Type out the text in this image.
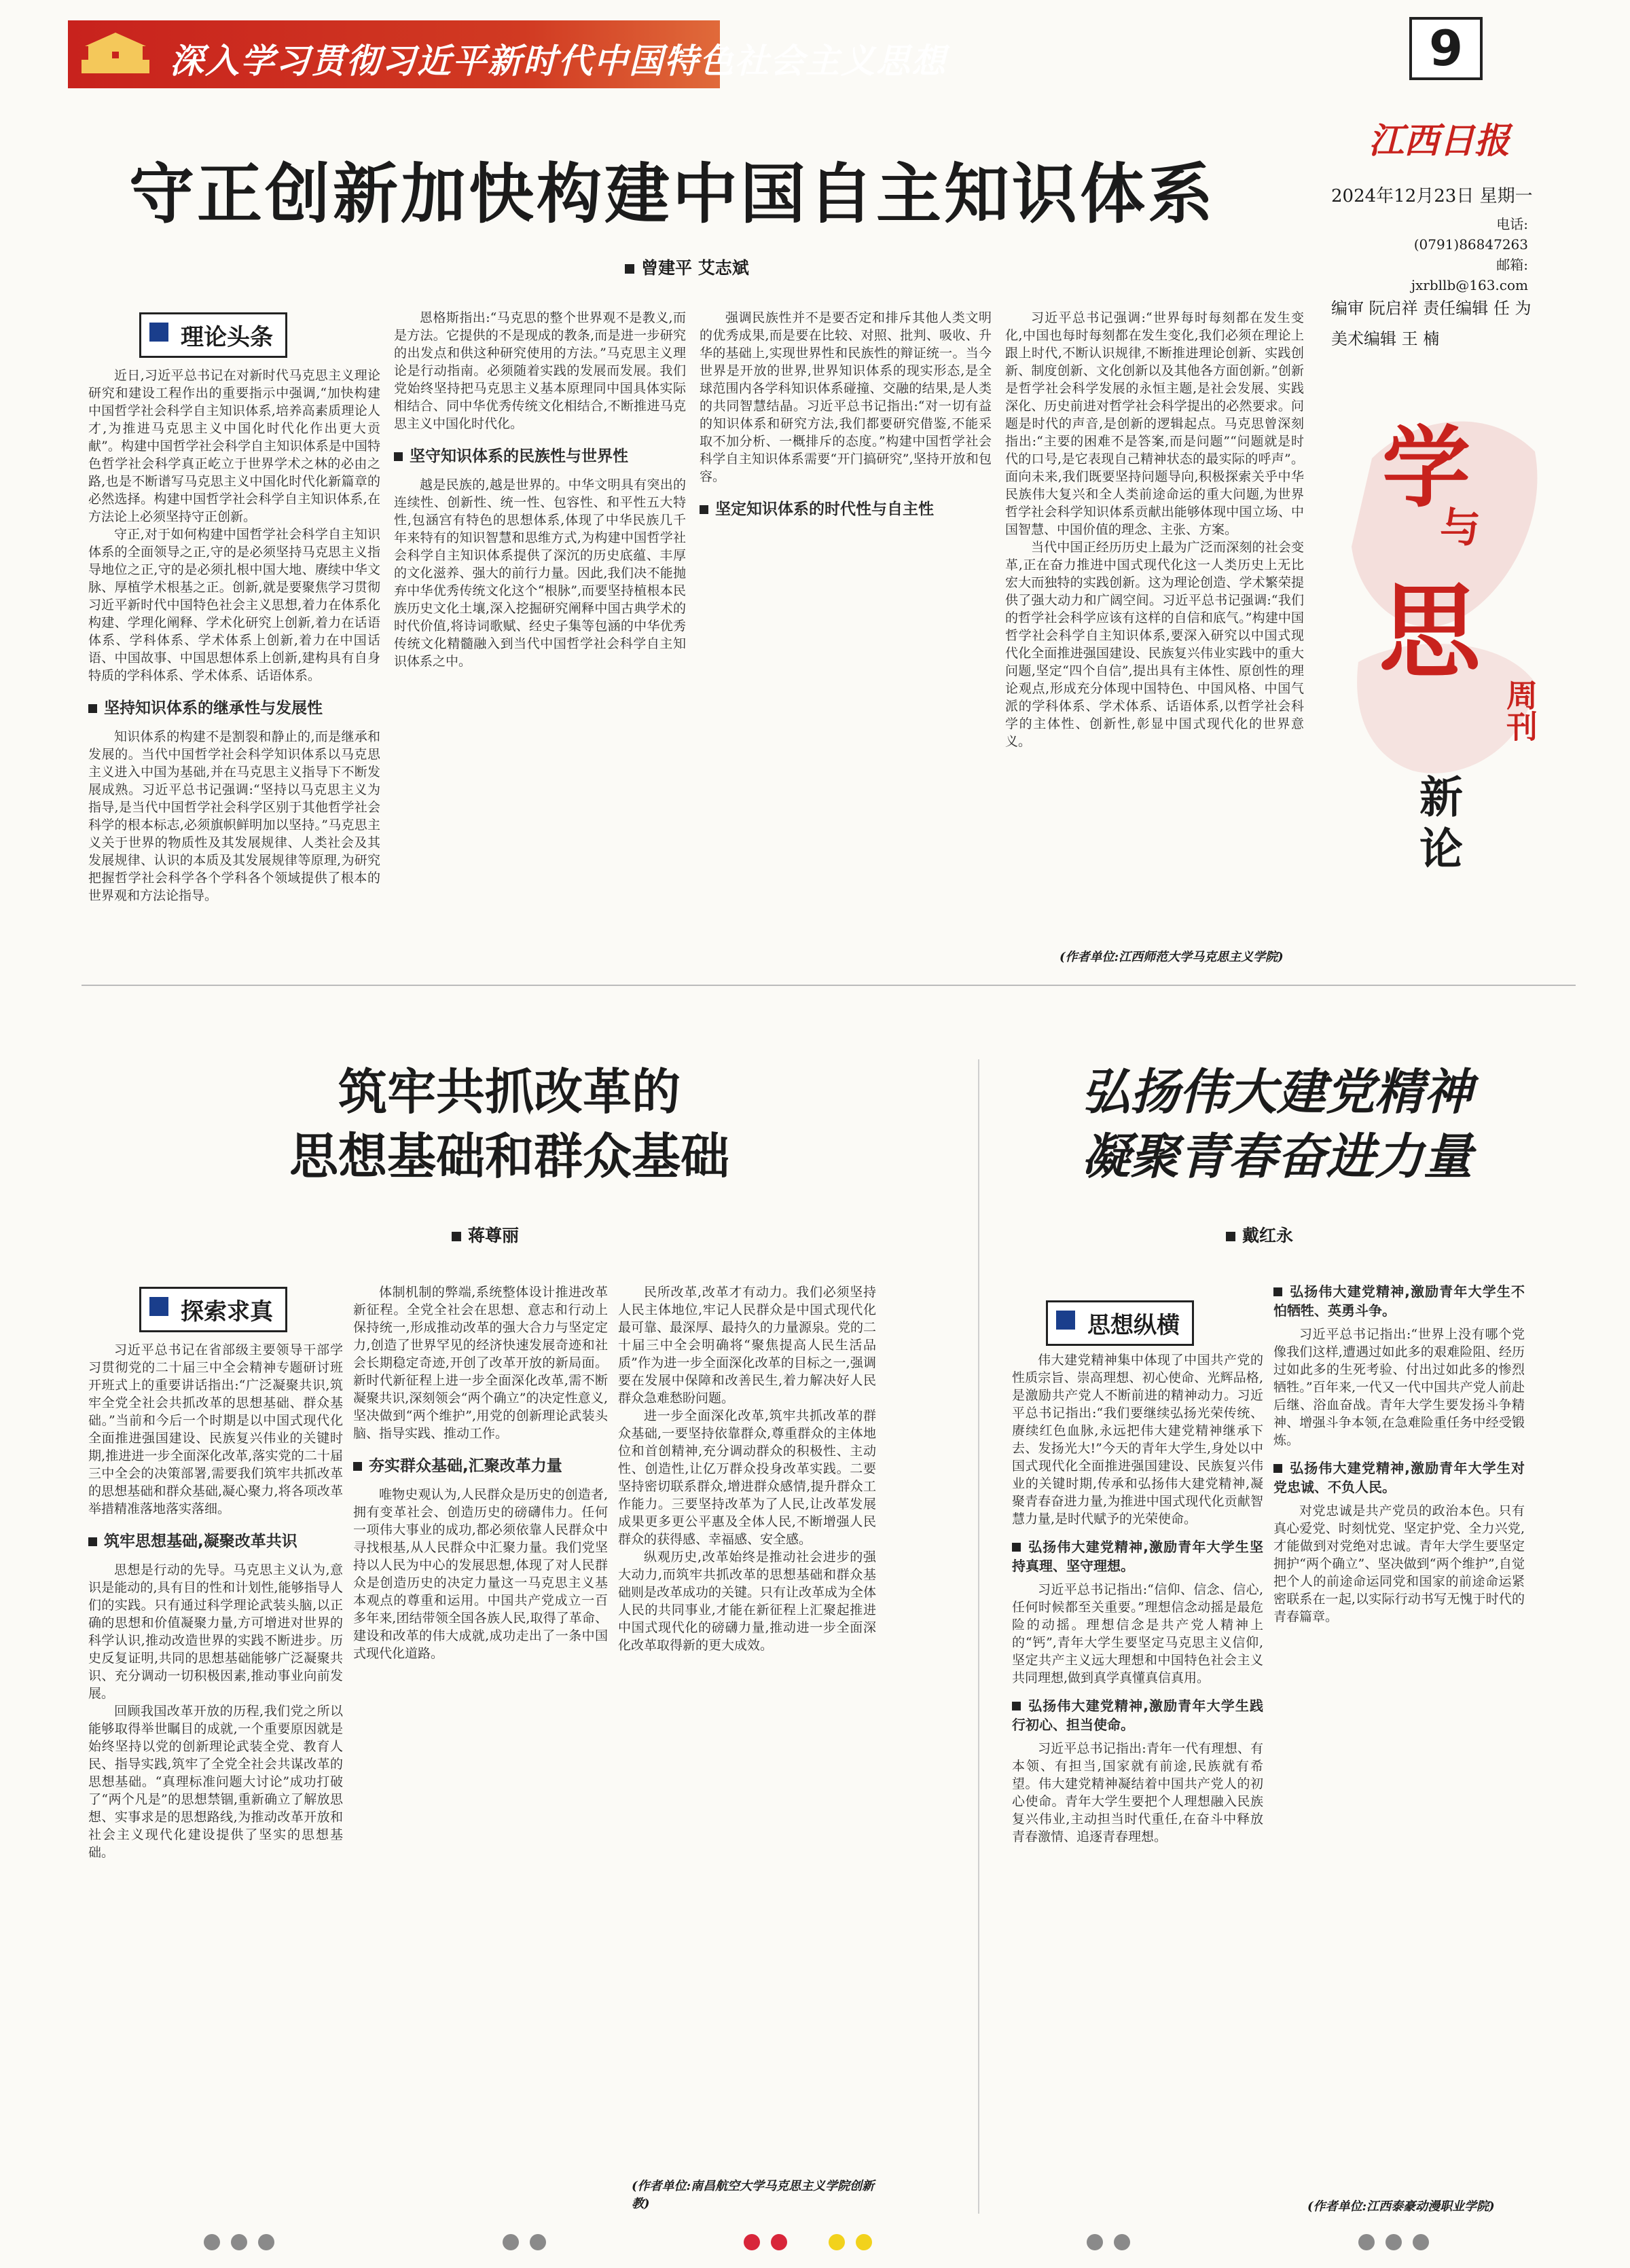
深入学习贯彻习近平新时代中国特色社会主义思想	9
江西日报
2024年12月23日 星期一
电话:
(0791)86847263
邮箱:
jxrbllb@163.com
编审 阮启祥 责任编辑 任 为
美术编辑 王 楠
学
与
思
周刊
新论
守正创新加快构建中国自主知识体系
曾建平 艾志斌
理论头条

近日,习近平总书记在对新时代马克思主义理论研究和建设工程作出的重要指示中强调,“加快构建中国哲学社会科学自主知识体系,培养高素质理论人才,为推进马克思主义中国化时代化作出更大贡献”。构建中国哲学社会科学自主知识体系是中国特色哲学社会科学真正屹立于世界学术之林的必由之路,也是不断谱写马克思主义中国化时代化新篇章的必然选择。构建中国哲学社会科学自主知识体系,在方法论上必须坚持守正创新。

守正,对于如何构建中国哲学社会科学自主知识体系的全面领导之正,守的是必须坚持马克思主义指导地位之正,守的是必须扎根中国大地、赓续中华文脉、厚植学术根基之正。创新,就是要聚焦学习贯彻习近平新时代中国特色社会主义思想,着力在体系化构建、学理化阐释、学术化研究上创新,着力在话语体系、学科体系、学术体系上创新,着力在中国话语、中国故事、中国思想体系上创新,建构具有自身特质的学科体系、学术体系、话语体系。

坚持知识体系的继承性与发展性

知识体系的构建不是割裂和静止的,而是继承和发展的。当代中国哲学社会科学知识体系以马克思主义进入中国为基础,并在马克思主义指导下不断发展成熟。习近平总书记强调:“坚持以马克思主义为指导,是当代中国哲学社会科学区别于其他哲学社会科学的根本标志,必须旗帜鲜明加以坚持。”马克思主义关于世界的物质性及其发展规律、人类社会及其发展规律、认识的本质及其发展规律等原理,为研究把握哲学社会科学各个学科各个领域提供了根本的世界观和方法论指导。

恩格斯指出:“马克思的整个世界观不是教义,而是方法。它提供的不是现成的教条,而是进一步研究的出发点和供这种研究使用的方法。”马克思主义理论是行动指南。必须随着实践的发展而发展。我们党始终坚持把马克思主义基本原理同中国具体实际相结合、同中华优秀传统文化相结合,不断推进马克思主义中国化时代化。

坚守知识体系的民族性与世界性

越是民族的,越是世界的。中华文明具有突出的连续性、创新性、统一性、包容性、和平性五大特性,包涵宫有特色的思想体系,体现了中华民族几千年来特有的知识智慧和思维方式,为构建中国哲学社会科学自主知识体系提供了深沉的历史底蕴、丰厚的文化滋养、强大的前行力量。因此,我们决不能抛弃中华优秀传统文化这个“根脉”,而要坚持植根本民族历史文化土壤,深入挖掘研究阐释中国古典学术的时代价值,将诗词歌赋、经史子集等包涵的中华优秀传统文化精髓融入到当代中国哲学社会科学自主知识体系之中。

强调民族性并不是要否定和排斥其他人类文明的优秀成果,而是要在比较、对照、批判、吸收、升华的基础上,实现世界性和民族性的辩证统一。当今世界是开放的世界,世界知识体系的现实形态,是全球范围内各学科知识体系碰撞、交融的结果,是人类的共同智慧结晶。习近平总书记指出:“对一切有益的知识体系和研究方法,我们都要研究借鉴,不能采取不加分析、一概排斥的态度。”构建中国哲学社会科学自主知识体系需要“开门搞研究”,坚持开放和包容。

坚定知识体系的时代性与自主性

习近平总书记强调:“世界每时每刻都在发生变化,中国也每时每刻都在发生变化,我们必须在理论上跟上时代,不断认识规律,不断推进理论创新、实践创新、制度创新、文化创新以及其他各方面创新。”创新是哲学社会科学发展的永恒主题,是社会发展、实践深化、历史前进对哲学社会科学提出的必然要求。问题是时代的声音,是创新的逻辑起点。马克思曾深刻指出:“主要的困难不是答案,而是问题”“问题就是时代的口号,是它表现自己精神状态的最实际的呼声”。面向未来,我们既要坚持问题导向,积极探索关乎中华民族伟大复兴和全人类前途命运的重大问题,为世界哲学社会科学知识体系贡献出能够体现中国立场、中国智慧、中国价值的理念、主张、方案。

当代中国正经历历史上最为广泛而深刻的社会变革,正在奋力推进中国式现代化这一人类历史上无比宏大而独特的实践创新。这为理论创造、学术繁荣提供了强大动力和广阔空间。习近平总书记强调:“我们的哲学社会科学应该有这样的自信和底气。”构建中国哲学社会科学自主知识体系,要深入研究以中国式现代化全面推进强国建设、民族复兴伟业实践中的重大问题,坚定“四个自信”,提出具有主体性、原创性的理论观点,形成充分体现中国特色、中国风格、中国气派的学科体系、学术体系、话语体系,以哲学社会科学的主体性、创新性,彰显中国式现代化的世界意义。

(作者单位:江西师范大学马克思主义学院)
筑牢共抓改革的
思想基础和群众基础
蒋尊丽
探索求真

习近平总书记在省部级主要领导干部学习贯彻党的二十届三中全会精神专题研讨班开班式上的重要讲话指出:“广泛凝聚共识,筑牢全党全社会共抓改革的思想基础、群众基础。”当前和今后一个时期是以中国式现代化全面推进强国建设、民族复兴伟业的关键时期,推进进一步全面深化改革,落实党的二十届三中全会的决策部署,需要我们筑牢共抓改革的思想基础和群众基础,凝心聚力,将各项改革举措精准落地落实落细。

筑牢思想基础,凝聚改革共识

思想是行动的先导。马克思主义认为,意识是能动的,具有目的性和计划性,能够指导人们的实践。只有通过科学理论武装头脑,以正确的思想和价值凝聚力量,方可增进对世界的科学认识,推动改造世界的实践不断进步。历史反复证明,共同的思想基础能够广泛凝聚共识、充分调动一切积极因素,推动事业向前发展。

回顾我国改革开放的历程,我们党之所以能够取得举世瞩目的成就,一个重要原因就是始终坚持以党的创新理论武装全党、教育人民、指导实践,筑牢了全党全社会共谋改革的思想基础。“真理标准问题大讨论”成功打破了“两个凡是”的思想禁锢,重新确立了解放思想、实事求是的思想路线,为推动改革开放和社会主义现代化建设提供了坚实的思想基础。

体制机制的弊端,系统整体设计推进改革新征程。全党全社会在思想、意志和行动上保持统一,形成推动改革的强大合力与坚定定力,创造了世界罕见的经济快速发展奇迹和社会长期稳定奇迹,开创了改革开放的新局面。新时代新征程上进一步全面深化改革,需不断凝聚共识,深刻领会“两个确立”的决定性意义,坚决做到“两个维护”,用党的创新理论武装头脑、指导实践、推动工作。

夯实群众基础,汇聚改革力量

唯物史观认为,人民群众是历史的创造者,拥有变革社会、创造历史的磅礴伟力。任何一项伟大事业的成功,都必须依靠人民群众中寻找根基,从人民群众中汇聚力量。我们党坚持以人民为中心的发展思想,体现了对人民群众是创造历史的决定力量这一马克思主义基本观点的尊重和运用。中国共产党成立一百多年来,团结带领全国各族人民,取得了革命、建设和改革的伟大成就,成功走出了一条中国式现代化道路。

民所改革,改革才有动力。我们必须坚持人民主体地位,牢记人民群众是中国式现代化最可靠、最深厚、最持久的力量源泉。党的二十届三中全会明确将“聚焦提高人民生活品质”作为进一步全面深化改革的目标之一,强调要在发展中保障和改善民生,着力解决好人民群众急难愁盼问题。

进一步全面深化改革,筑牢共抓改革的群众基础,一要坚持依靠群众,尊重群众的主体地位和首创精神,充分调动群众的积极性、主动性、创造性,让亿万群众投身改革实践。二要坚持密切联系群众,增进群众感情,提升群众工作能力。三要坚持改革为了人民,让改革发展成果更多更公平惠及全体人民,不断增强人民群众的获得感、幸福感、安全感。

纵观历史,改革始终是推动社会进步的强大动力,而筑牢共抓改革的思想基础和群众基础则是改革成功的关键。只有让改革成为全体人民的共同事业,才能在新征程上汇聚起推进中国式现代化的磅礴力量,推动进一步全面深化改革取得新的更大成效。

(作者单位:南昌航空大学马克思主义学院创新教)
弘扬伟大建党精神
凝聚青春奋进力量
戴红永
思想纵横

伟大建党精神集中体现了中国共产党的性质宗旨、崇高理想、初心使命、光辉品格,是激励共产党人不断前进的精神动力。习近平总书记指出:“我们要继续弘扬光荣传统、赓续红色血脉,永远把伟大建党精神继承下去、发扬光大!”今天的青年大学生,身处以中国式现代化全面推进强国建设、民族复兴伟业的关键时期,传承和弘扬伟大建党精神,凝聚青春奋进力量,为推进中国式现代化贡献智慧力量,是时代赋予的光荣使命。

弘扬伟大建党精神,激励青年大学生坚持真理、坚守理想。

习近平总书记指出:“信仰、信念、信心,任何时候都至关重要。”理想信念动摇是最危险的动摇。理想信念是共产党人精神上的“钙”,青年大学生要坚定马克思主义信仰,坚定共产主义远大理想和中国特色社会主义共同理想,做到真学真懂真信真用。

弘扬伟大建党精神,激励青年大学生践行初心、担当使命。

习近平总书记指出:青年一代有理想、有本领、有担当,国家就有前途,民族就有希望。伟大建党精神凝结着中国共产党人的初心使命。青年大学生要把个人理想融入民族复兴伟业,主动担当时代重任,在奋斗中释放青春激情、追逐青春理想。

弘扬伟大建党精神,激励青年大学生不怕牺牲、英勇斗争。

习近平总书记指出:“世界上没有哪个党像我们这样,遭遇过如此多的艰难险阻、经历过如此多的生死考验、付出过如此多的惨烈牺牲。”百年来,一代又一代中国共产党人前赴后继、浴血奋战。青年大学生要发扬斗争精神、增强斗争本领,在急难险重任务中经受锻炼。

弘扬伟大建党精神,激励青年大学生对党忠诚、不负人民。

对党忠诚是共产党员的政治本色。只有真心爱党、时刻忧党、坚定护党、全力兴党,才能做到对党绝对忠诚。青年大学生要坚定拥护“两个确立”、坚决做到“两个维护”,自觉把个人的前途命运同党和国家的前途命运紧密联系在一起,以实际行动书写无愧于时代的青春篇章。

(作者单位:江西泰豪动漫职业学院)
